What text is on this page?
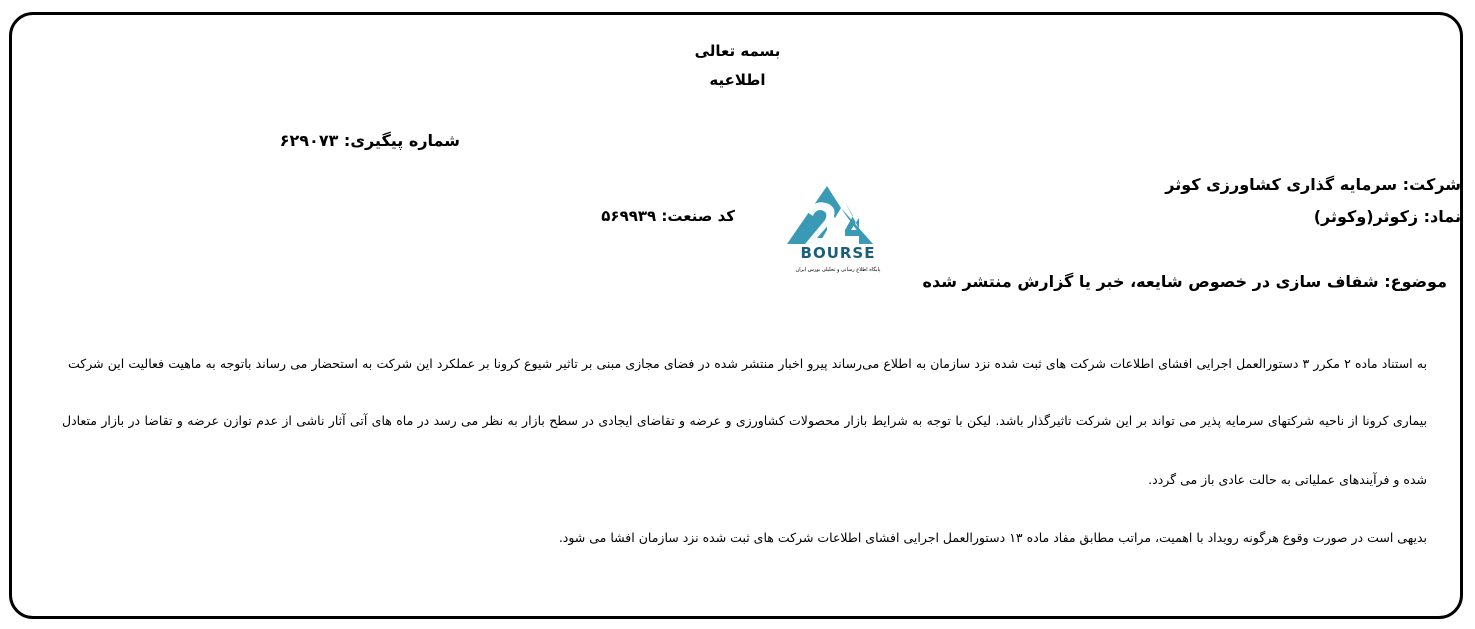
بسمه تعالی
اطلاعیه
شماره پیگیری: ۶۲۹۰۷۳
شرکت: سرمایه گذاری کشاورزی کوثر
نماد: زکوثر(وکوثر)
کد صنعت: ۵۶۹۹۳۹
BOURSE
پایگاه اطلاع رسانی و تحلیلی بورس ایران
موضوع: شفاف سازی در خصوص شایعه، خبر یا گزارش منتشر شده
به استناد ماده ۲ مکرر ۳ دستورالعمل اجرایی افشای اطلاعات شرکت های ثبت شده نزد سازمان به اطلاع می‌رساند پیرو اخبار منتشر شده در فضای مجازی مبنی بر تاثیر شیوع کرونا بر عملکرد این شرکت به استحضار می رساند باتوجه به ماهیت فعالیت این شرکت
بیماری کرونا از ناحیه شرکتهای سرمایه پذیر می تواند بر این شرکت تاثیرگذار باشد. لیکن با توجه به شرایط بازار محصولات کشاورزی و عرضه و تقاضای ایجادی در سطح بازار به نظر می رسد در ماه های آتی آثار ناشی از عدم توازن عرضه و تقاضا در بازار متعادل
شده و فرآیندهای عملیاتی به حالت عادی باز می گردد.
بدیهی است در صورت وقوع هرگونه رویداد با اهمیت، مراتب مطابق مفاد ماده ۱۳ دستورالعمل اجرایی افشای اطلاعات شرکت های ثبت شده نزد سازمان افشا می شود.
